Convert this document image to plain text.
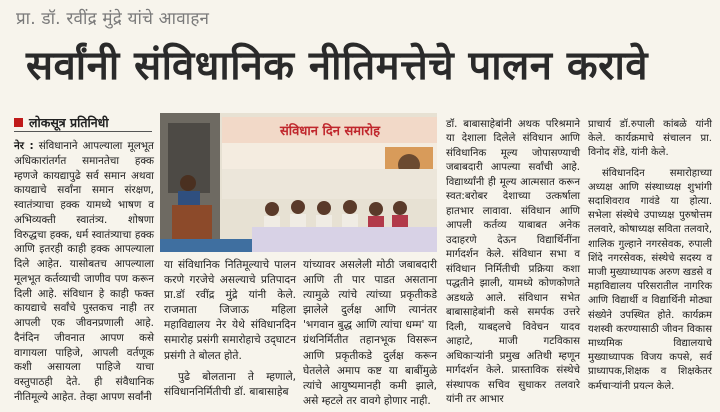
प्रा. डॉ. रवींद्र मुंद्रे यांचे आवाहन
सर्वांनी संविधानिक नीतिमत्तेचे पालन करावे
लोकसूत्र प्रतिनिधी

नेर : संविधानाने आपल्याला मूलभूत अधिकारांतर्गत समानतेचा हक्क म्हणजे कायद्यापुढे सर्व समान अथवा कायद्याचे सर्वांना समान संरक्षण, स्वातंत्र्याचा हक्क यामध्ये भाषण व अभिव्यक्ती स्वातंत्र्य. शोषणा विरुद्धचा हक्क, धर्म स्वातंत्र्याचा हक्क आणि इतरही काही हक्क आपल्याला दिले आहेत. यासोबतच आपल्याला मूलभूत कर्तव्याची जाणीव पण करून दिली आहे. संविधान हे काही फक्त कायद्याचे सर्वांचे पुस्तकच नाही तर आपली एक जीवनप्रणाली आहे. दैनंदिन जीवनात आपण कसे वागायला पाहिजे, आपली वर्तणूक कशी असायला पाहिजे याचा वस्तुपाठही देते. ही संवैधानिक नीतिमूल्ये आहेत. तेव्हा आपण सर्वांनी

संविधान दिन समारोह

या संविधानिक नितिमूल्याचे पालन करणे गरजेचे असल्याचे प्रतिपादन प्रा.डॉ रवींद्र मुंद्रे यांनी केले. राजमाता जिजाऊ महिला महाविद्यालय नेर येथे संविधानदिन समारोह प्रसंगी समारोहाचे उद्‌घाटन प्रसंगी ते बोलत होते.

पुढे बोलताना ते म्हणाले, संविधाननिर्मितीची डॉ. बाबासाहेब

यांच्यावर असलेली मोठी जबाबदारी आणि ती पार पाडत असताना त्यामुळे त्यांचे त्यांच्या प्रकृतीकडे झालेले दुर्लक्ष आणि त्यानंतर 'भगवान बुद्ध आणि त्यांचा धम्म' या ग्रंथनिर्मितीत तहानभूक विसरून आणि प्रकृतीकडे दुर्लक्ष करून घेतलेले अमाप कष्ट या बाबींमुळे त्यांचे आयुष्यमानही कमी झाले, असे म्हटले तर वावगे होणार नाही.

डॉ. बाबासाहेबांनी अथक परिश्रमाने या देशाला दिलेले संविधान आणि संविधानिक मूल्य जोपासण्याची जबाबदारी आपल्या सर्वांची आहे. विद्यार्थ्यांनी ही मूल्य आत्मसात करून स्वत:बरोबर देशाच्या उत्कर्षाला हातभार लावावा. संविधान आणि आपली कर्तव्य याबाबत अनेक उदाहरणे देऊन विद्यार्थिनींना मार्गदर्शन केले. संविधान सभा व संविधान निर्मितीची प्रक्रिया कशा पद्धतीने झाली, यामध्ये कोणकोणते अडथळे आले. संविधान सभेत बाबासाहेबांनी कसे समर्पक उत्तरे दिली, याबद्दलचे विवेचन यादव आहाटे, माजी गटविकास अधिकाऱ्यांनी प्रमुख अतिथी म्हणून मार्गदर्शन केले. प्रास्ताविक संस्थेचे संस्थापक सचिव सुधाकर तलवारे यांनी तर आभार

प्राचार्य डॉ.रुपाली कांबळे यांनी केले. कार्यक्रमाचे संचालन प्रा. विनोद शेंडे, यांनी केले.

संविधानदिन समारोहाच्या अध्यक्ष आणि संस्थाध्यक्ष शुभांगी सदाशिवराव गावंडे या होत्या. सभेला संस्थेचे उपाध्यक्ष पुरुषोत्तम तलवारे, कोषाध्यक्ष सविता तलवारे, शालिक गुल्हाने नगरसेवक, रुपाली शिंदे नगरसेवक, संस्थेचे सदस्य व माजी मुख्याध्यापक अरुण खडसे व महाविद्यालय परिसरातील नागरिक आणि विद्यार्थी व विद्यार्थिनी मोठ्या संख्येने उपस्थित होते. कार्यक्रम यशस्वी करण्यासाठी जीवन विकास माध्यमिक विद्यालयाचे मुख्याध्यापक विजय कपसे, सर्व प्राध्यापक,शिक्षक व शिक्षकेतर कर्मचाऱ्यांनी प्रयत्न केले.
